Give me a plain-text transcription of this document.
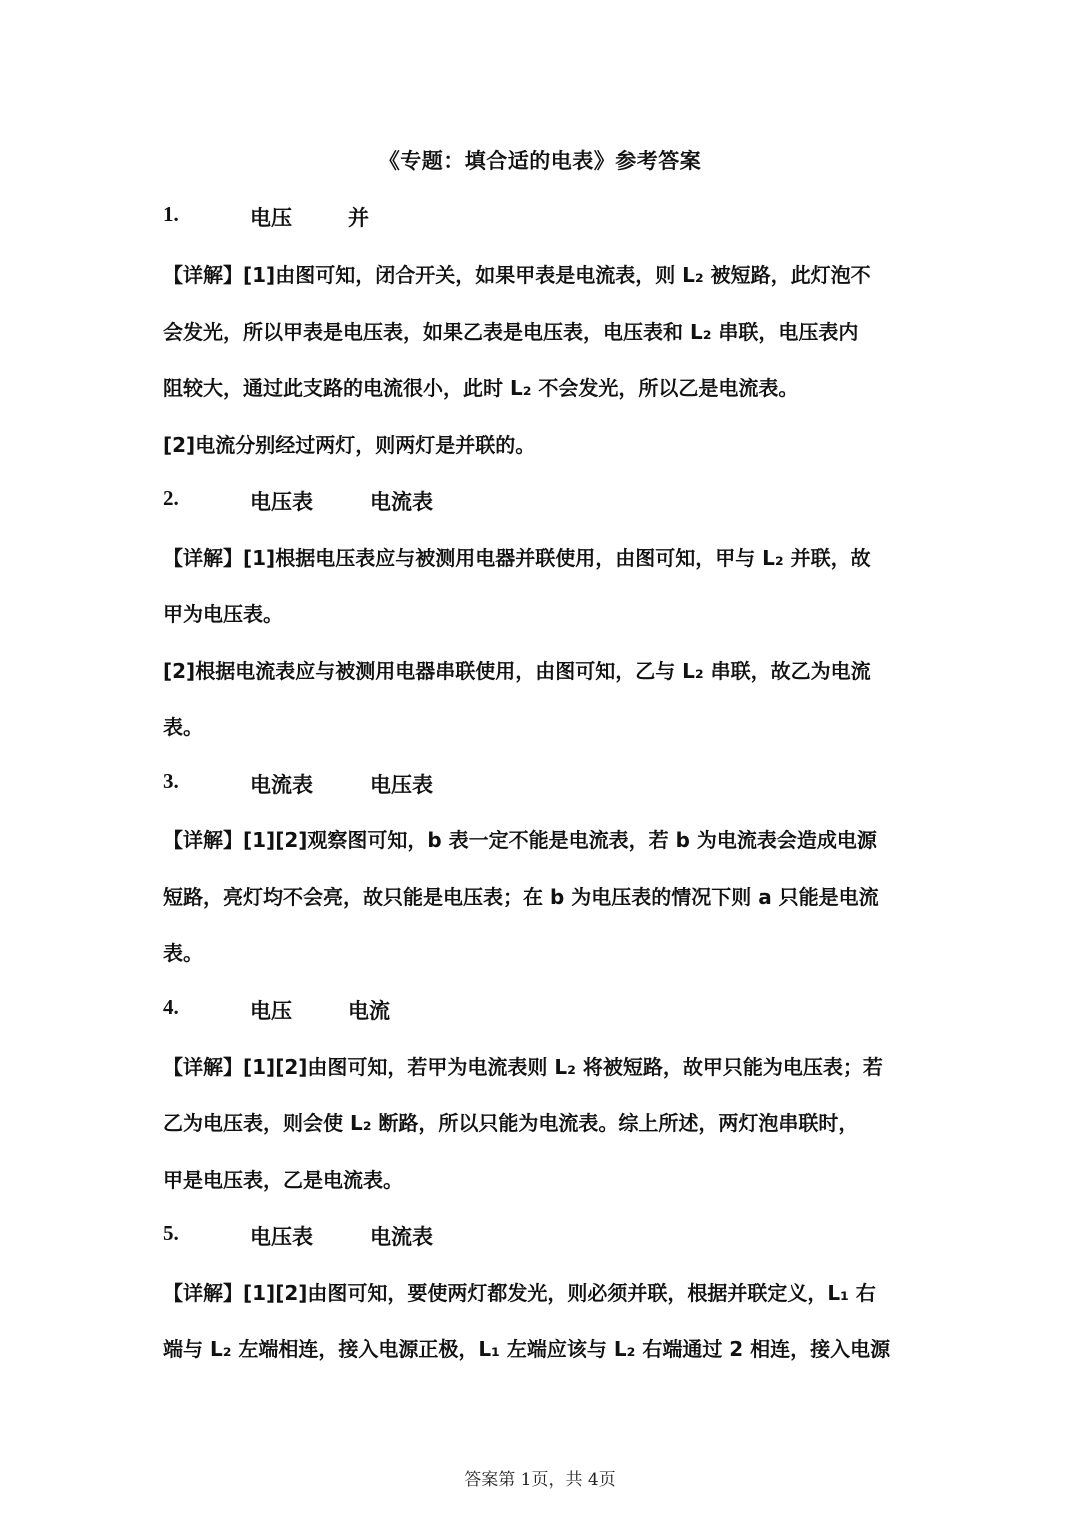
《专题：填合适的电表》参考答案
1.	电压	并
【详解】[1]由图可知，闭合开关，如果甲表是电流表，则 L₂ 被短路，此灯泡不
会发光，所以甲表是电压表，如果乙表是电压表，电压表和 L₂ 串联，电压表内
阻较大，通过此支路的电流很小，此时 L₂ 不会发光，所以乙是电流表。
[2]电流分别经过两灯，则两灯是并联的。
2.	电压表	电流表
【详解】[1]根据电压表应与被测用电器并联使用，由图可知，甲与 L₂ 并联，故
甲为电压表。
[2]根据电流表应与被测用电器串联使用，由图可知，乙与 L₂ 串联，故乙为电流
表。
3.	电流表	电压表
【详解】[1][2]观察图可知，b 表一定不能是电流表，若 b 为电流表会造成电源
短路，亮灯均不会亮，故只能是电压表；在 b 为电压表的情况下则 a 只能是电流
表。
4.	电压	电流
【详解】[1][2]由图可知，若甲为电流表则 L₂ 将被短路，故甲只能为电压表；若
乙为电压表，则会使 L₂ 断路，所以只能为电流表。综上所述，两灯泡串联时，
甲是电压表，乙是电流表。
5.	电压表	电流表
【详解】[1][2]由图可知，要使两灯都发光，则必须并联，根据并联定义，L₁ 右
端与 L₂ 左端相连，接入电源正极，L₁ 左端应该与 L₂ 右端通过 2 相连，接入电源
答案第 1页，共 4页
